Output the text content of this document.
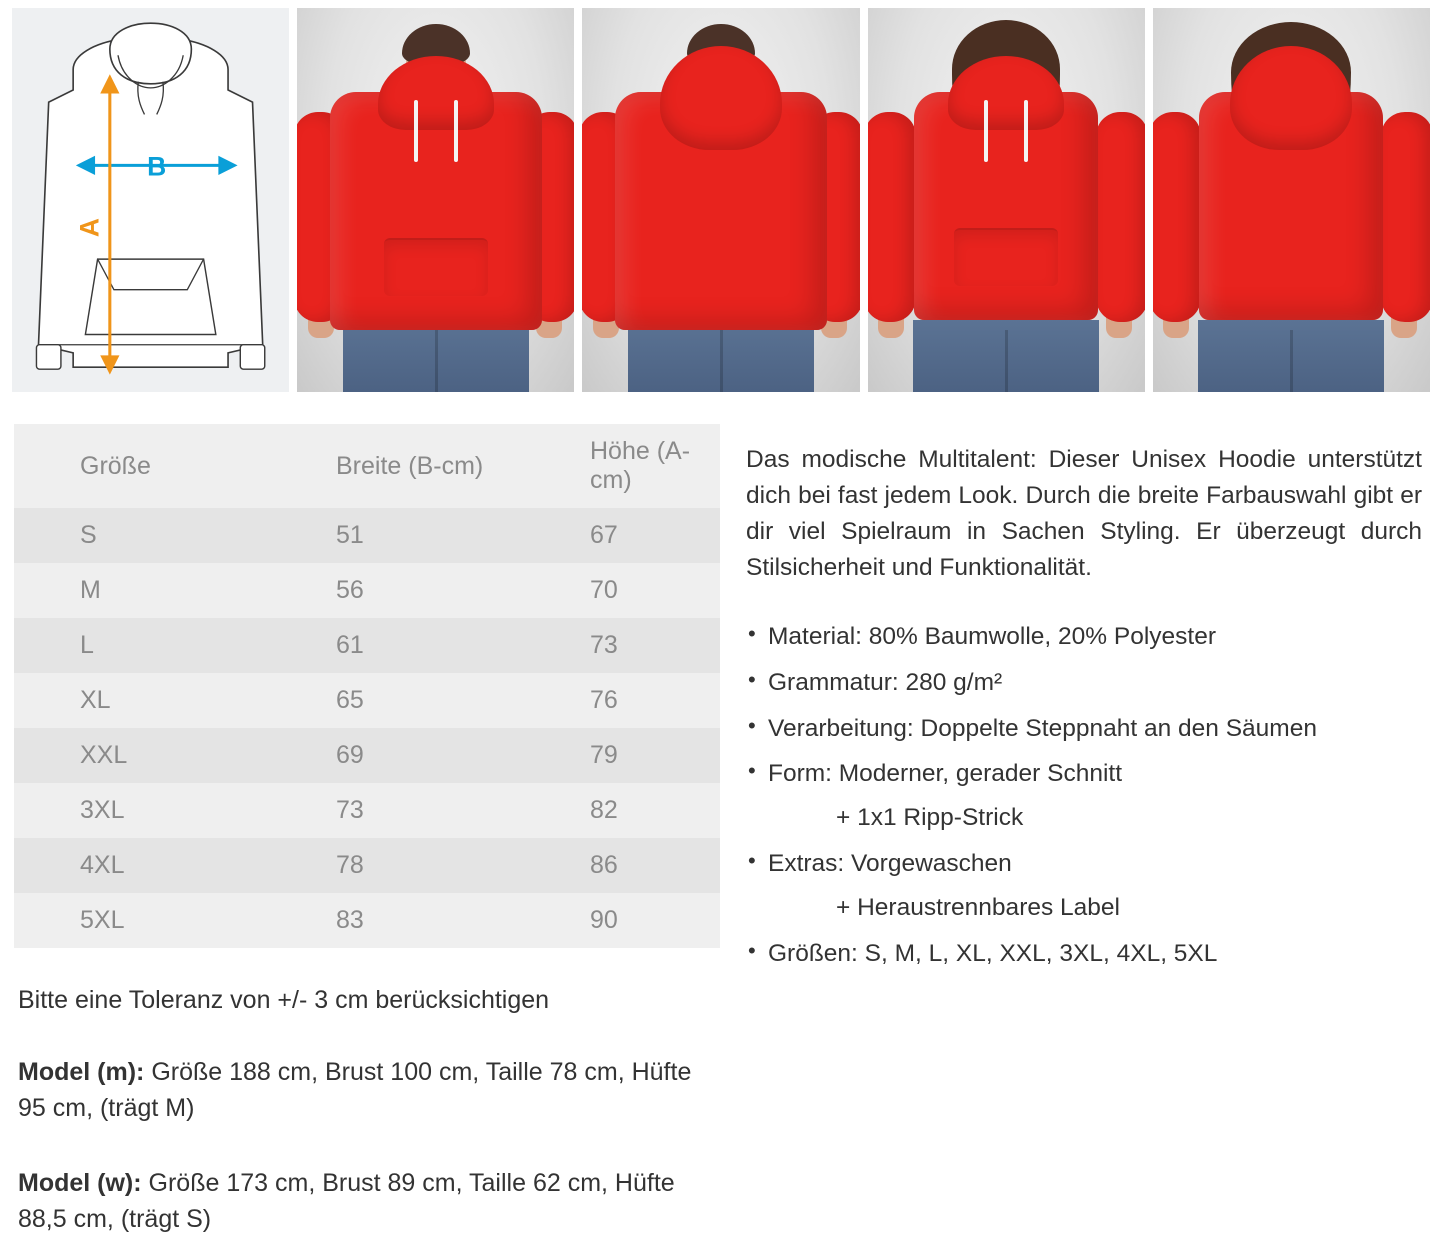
B
A
Größe	Breite (B-cm)	Höhe (A-cm)
S	51	67
M	56	70
L	61	73
XL	65	76
XXL	69	79
3XL	73	82
4XL	78	86
5XL	83	90

Bitte eine Toleranz von +/- 3 cm berücksichtigen

Model (m): Größe 188 cm, Brust 100 cm, Taille 78 cm, Hüfte 95 cm, (trägt M)

Model (w): Größe 173 cm, Brust 89 cm, Taille 62 cm, Hüfte 88,5 cm, (trägt S)

Das modische Multitalent: Dieser Unisex Hoodie unterstützt dich bei fast jedem Look. Durch die breite Farbauswahl gibt er dir viel Spielraum in Sachen Styling. Er überzeugt durch Stilsicherheit und Funktionalität.

• Material: 80% Baumwolle, 20% Polyester
• Grammatur: 280 g/m²
• Verarbeitung: Doppelte Steppnaht an den Säumen
• Form: Moderner, gerader Schnitt
+ 1x1 Ripp-Strick
• Extras: Vorgewaschen
+ Heraustrennbares Label
• Größen: S, M, L, XL, XXL, 3XL, 4XL, 5XL
